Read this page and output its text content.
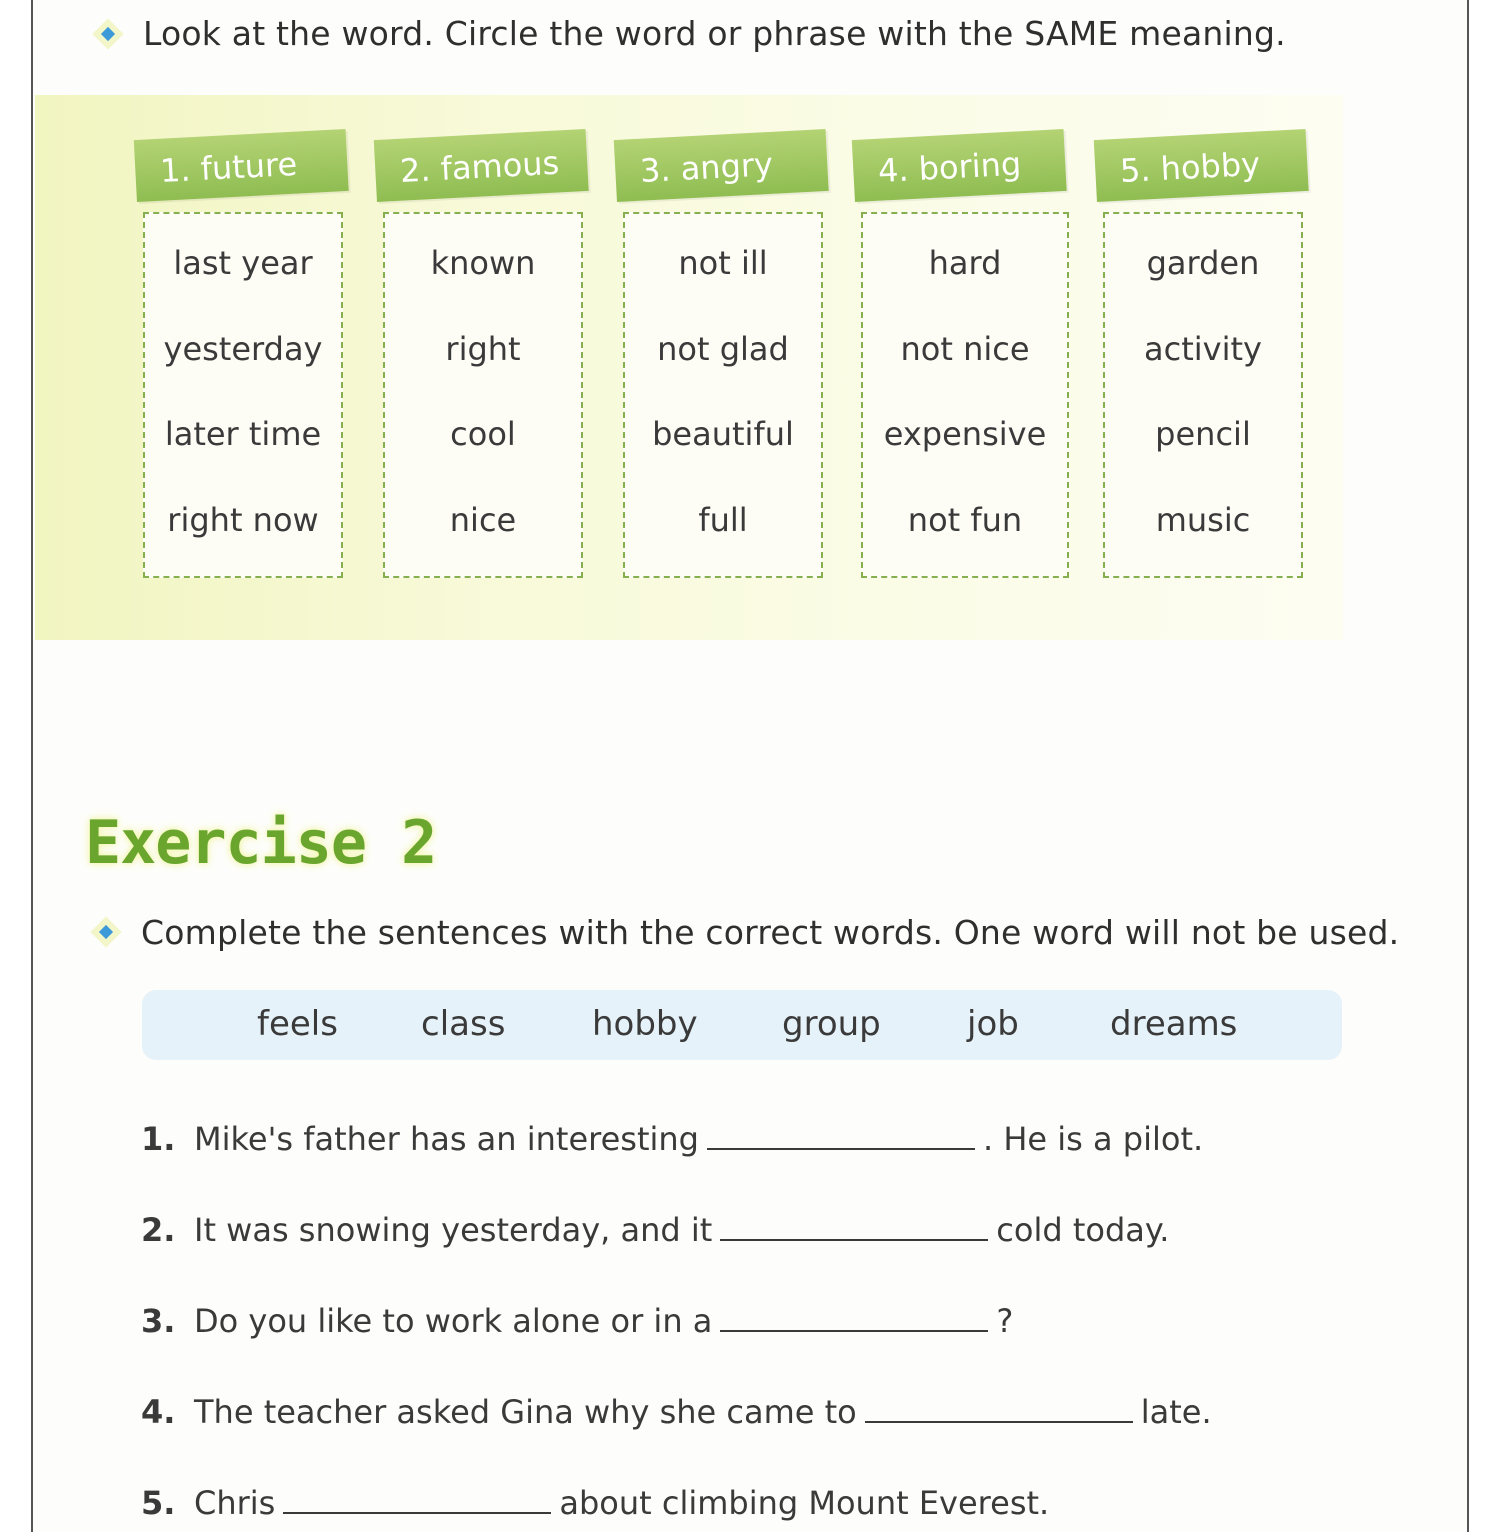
Look at the word. Circle the word or phrase with the SAME meaning.
1. future
last year
yesterday
later time
right now
2. famous
known
right
cool
nice
3. angry
not ill
not glad
beautiful
full
4. boring
hard
not nice
expensive
not fun
5. hobby
garden
activity
pencil
music
Exercise 2
Complete the sentences with the correct words. One word will not be used.
feels class	hobby group	job	dreams
1. Mike's father has an interesting	. He is a pilot.
2. It was snowing yesterday, and it	cold today.
3. Do you like to work alone or in a	?
4. The teacher asked Gina why she came to	late.
5. Chris	about climbing Mount Everest.
